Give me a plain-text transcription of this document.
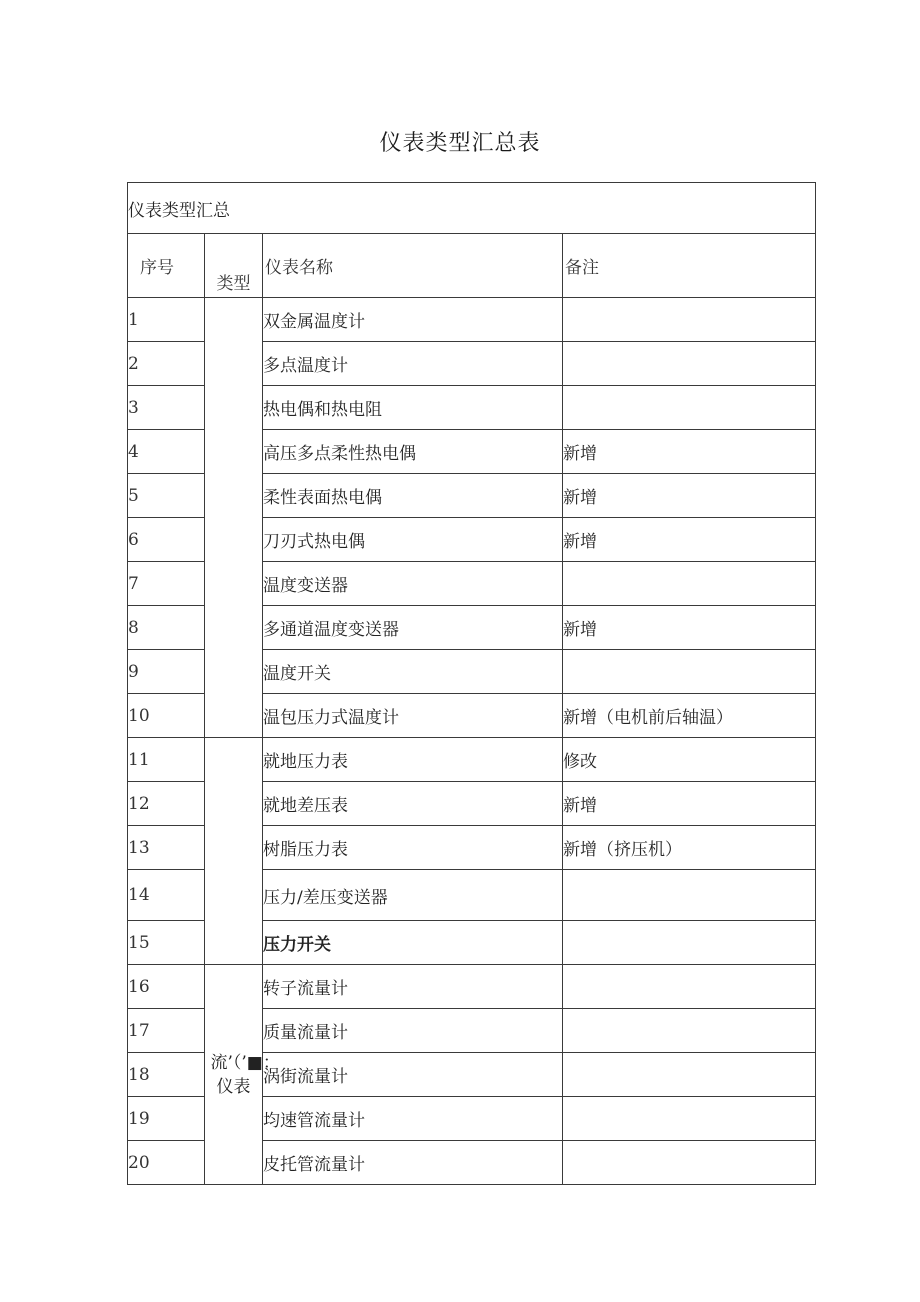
仪表类型汇总表
仪表类型汇总			
序号	类型	仪表名称	备注
1		双金属温度计	
2		多点温度计	
3		热电偶和热电阻	
4		高压多点柔性热电偶	新增
5		柔性表面热电偶	新增
6		刀刃式热电偶	新增
7		温度变送器	
8		多通道温度变送器	新增
9		温度开关	
10		温包压力式温度计	新增（电机前后轴温）
11		就地压力表	修改
12		就地差压表	新增
13		树脂压力表	新增（挤压机）
14		压力/差压变送器	
15		压力开关	
16	流’（’■：仪表	转子流量计	
17		质量流量计	
18		涡街流量计	
19		均速管流量计	
20		皮托管流量计	
